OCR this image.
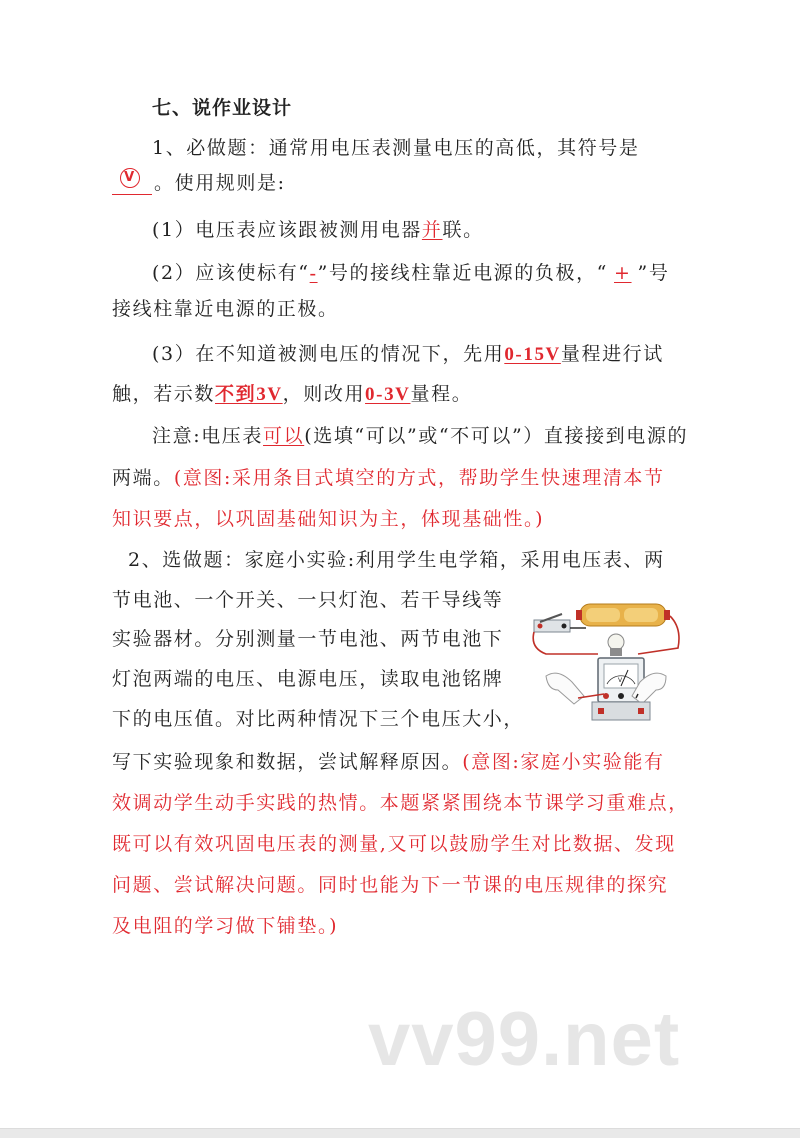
七、说作业设计
1、必做题：通常用电压表测量电压的高低，其符号是
V 。使用规则是:
(1）电压表应该跟被测用电器并联。
(2）应该使标有“-”号的接线柱靠近电源的负极，“ + ”号
接线柱靠近电源的正极。
(3）在不知道被测电压的情况下，先用0-15V量程进行试
触，若示数不到3V，则改用0-3V量程。
注意:电压表可以(选填“可以”或“不可以”）直接接到电源的
两端。(意图:采用条目式填空的方式，帮助学生快速理清本节
知识要点，以巩固基础知识为主，体现基础性。)
2、选做题：家庭小实验:利用学生电学箱，采用电压表、两
节电池、一个开关、一只灯泡、若干导线等
实验器材。分别测量一节电池、两节电池下
灯泡两端的电压、电源电压，读取电池铭牌
下的电压值。对比两种情况下三个电压大小，
写下实验现象和数据，尝试解释原因。(意图:家庭小实验能有
效调动学生动手实践的热情。本题紧紧围绕本节课学习重难点，
既可以有效巩固电压表的测量,又可以鼓励学生对比数据、发现
问题、尝试解决问题。同时也能为下一节课的电压规律的探究
及电阻的学习做下铺垫。)
V
vv99.net
